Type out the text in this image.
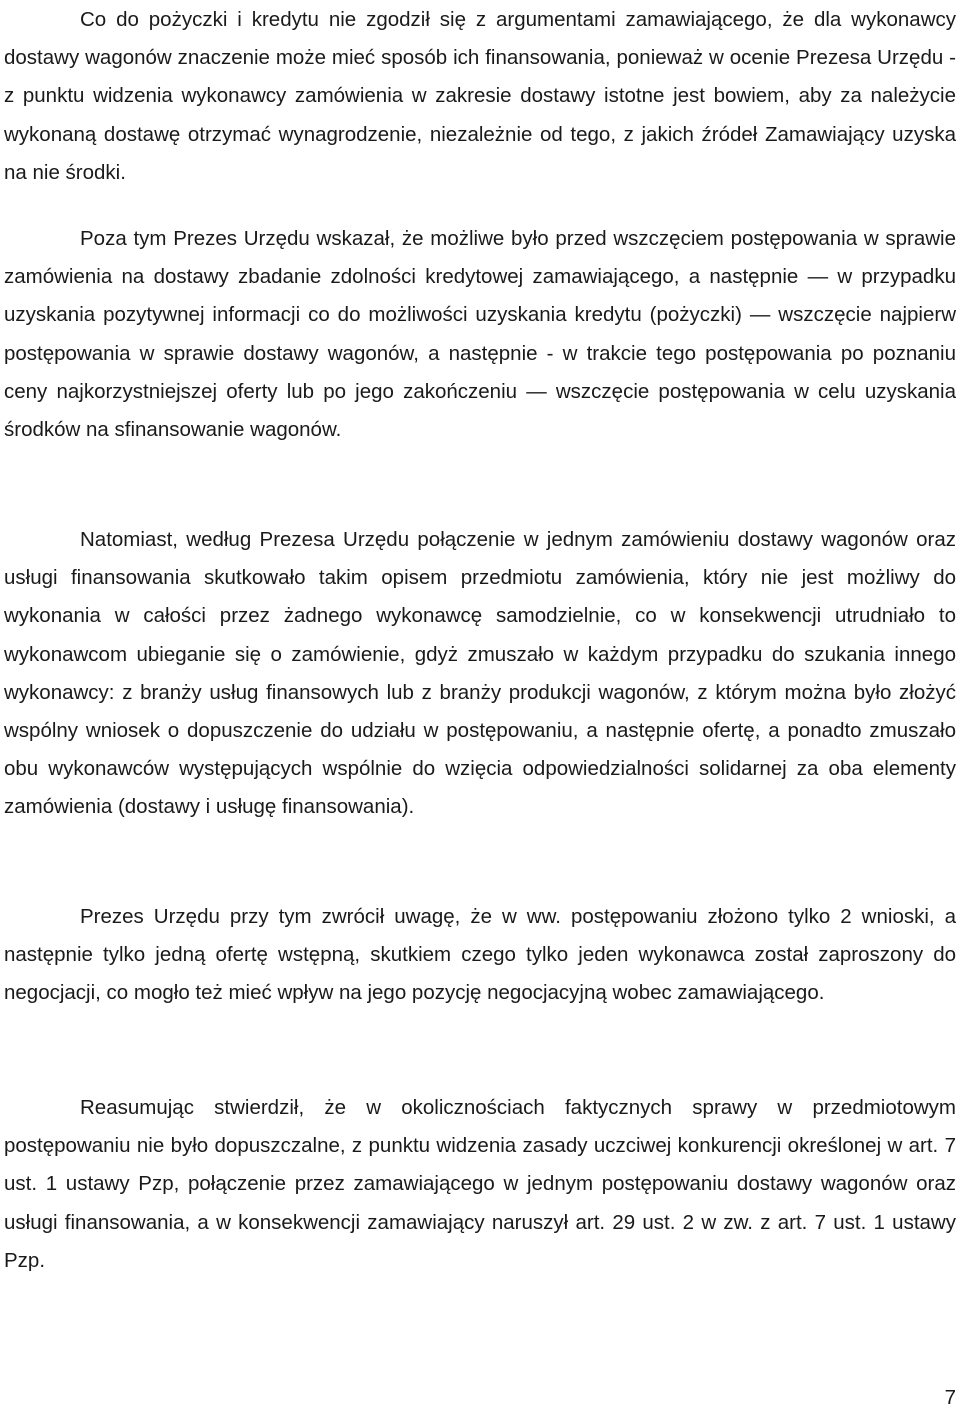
Co do pożyczki i kredytu nie zgodził się z argumentami zamawiającego, że dla wykonawcy dostawy wagonów znaczenie może mieć sposób ich finansowania, ponieważ w ocenie Prezesa Urzędu - z punktu widzenia wykonawcy zamówienia w zakresie dostawy istotne jest bowiem, aby za należycie wykonaną dostawę otrzymać wynagrodzenie, niezależnie od tego, z jakich źródeł Zamawiający uzyska na nie środki.

Poza tym Prezes Urzędu wskazał, że możliwe było przed wszczęciem postępowania w sprawie zamówienia na dostawy zbadanie zdolności kredytowej zamawiającego, a następnie — w przypadku uzyskania pozytywnej informacji co do możliwości uzyskania kredytu (pożyczki) — wszczęcie najpierw postępowania w sprawie dostawy wagonów, a następnie - w trakcie tego postępowania po poznaniu ceny najkorzystniejszej oferty lub po jego zakończeniu — wszczęcie postępowania w celu uzyskania środków na sfinansowanie wagonów.

Natomiast, według Prezesa Urzędu połączenie w jednym zamówieniu dostawy wagonów oraz usługi finansowania skutkowało takim opisem przedmiotu zamówienia, który nie jest możliwy do wykonania w całości przez żadnego wykonawcę samodzielnie, co w konsekwencji utrudniało to wykonawcom ubieganie się o zamówienie, gdyż zmuszało w każdym przypadku do szukania innego wykonawcy: z branży usług finansowych lub z branży produkcji wagonów, z którym można było złożyć wspólny wniosek o dopuszczenie do udziału w postępowaniu, a następnie ofertę, a ponadto zmuszało obu wykonawców występujących wspólnie do wzięcia odpowiedzialności solidarnej za oba elementy zamówienia (dostawy i usługę finansowania).

Prezes Urzędu przy tym zwrócił uwagę, że w ww. postępowaniu złożono tylko 2 wnioski, a następnie tylko jedną ofertę wstępną, skutkiem czego tylko jeden wykonawca został zaproszony do negocjacji, co mogło też mieć wpływ na jego pozycję negocjacyjną wobec zamawiającego.

Reasumując stwierdził, że w okolicznościach faktycznych sprawy w przedmiotowym postępowaniu nie było dopuszczalne, z punktu widzenia zasady uczciwej konkurencji określonej w art. 7 ust. 1 ustawy Pzp, połączenie przez zamawiającego w jednym postępowaniu dostawy wagonów oraz usługi finansowania, a w konsekwencji zamawiający naruszył art. 29 ust. 2 w zw. z art. 7 ust. 1 ustawy Pzp.

7
